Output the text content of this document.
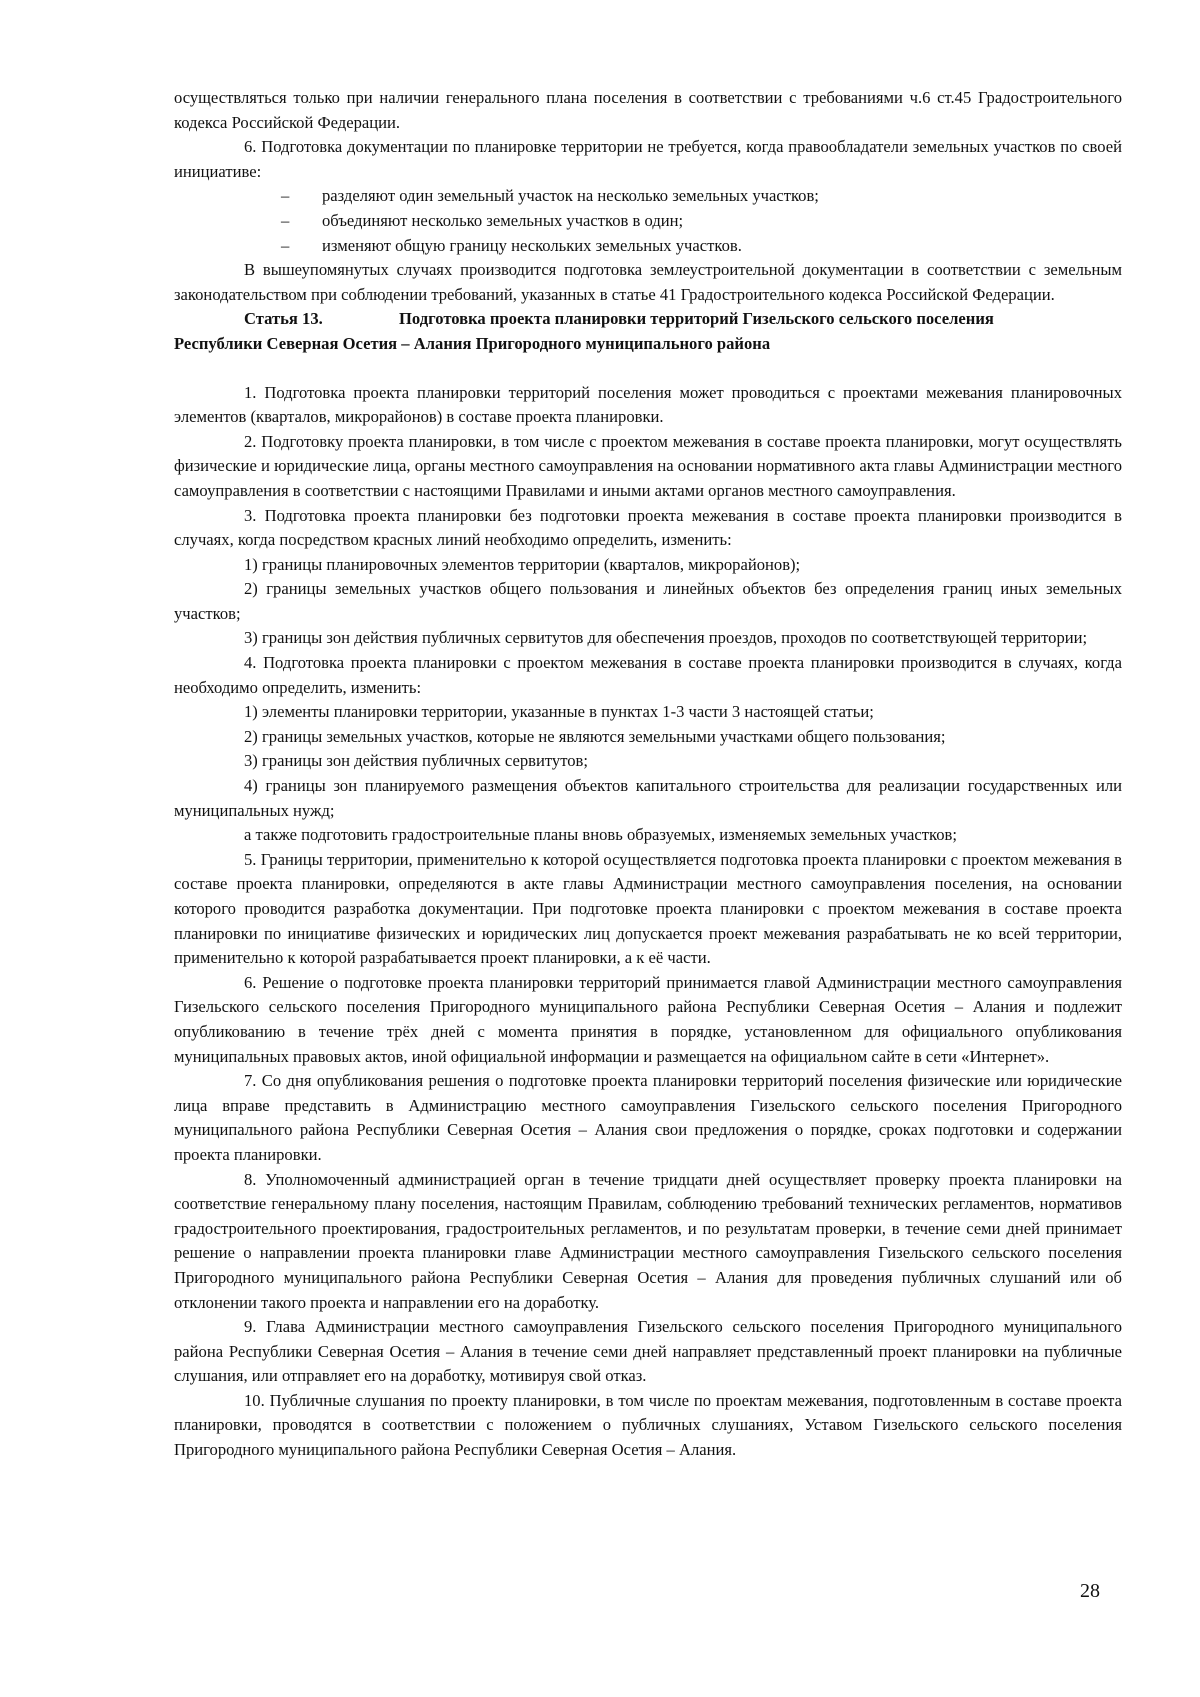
осуществляться только при наличии генерального плана поселения в соответствии с требованиями ч.6 ст.45 Градостроительного кодекса Российской Федерации.

6. Подготовка документации по планировке территории не требуется, когда правообладатели земельных участков по своей инициативе:

– разделяют один земельный участок на несколько земельных участков;
– объединяют несколько земельных участков в один;
– изменяют общую границу нескольких земельных участков.

В вышеупомянутых случаях производится подготовка землеустроительной документации в соответствии с земельным законодательством при соблюдении требований, указанных в статье 41 Градостроительного кодекса Российской Федерации.

Статья 13.	Подготовка проекта планировки территорий Гизельского сельского поселения

Республики Северная Осетия – Алания Пригородного муниципального района

1. Подготовка проекта планировки территорий поселения может проводиться с проектами межевания планировочных элементов (кварталов, микрорайонов) в составе проекта планировки.

2. Подготовку проекта планировки, в том числе с проектом межевания в составе проекта планировки, могут осуществлять физические и юридические лица, органы местного самоуправления на основании нормативного акта главы Администрации местного самоуправления в соответствии с настоящими Правилами и иными актами органов местного самоуправления.

3. Подготовка проекта планировки без подготовки проекта межевания в составе проекта планировки производится в случаях, когда посредством красных линий необходимо определить, изменить:

1) границы планировочных элементов территории (кварталов, микрорайонов);

2) границы земельных участков общего пользования и линейных объектов без определения границ иных земельных участков;

3) границы зон действия публичных сервитутов для обеспечения проездов, проходов по соответствующей территории;

4. Подготовка проекта планировки с проектом межевания в составе проекта планировки производится в случаях, когда необходимо определить, изменить:

1) элементы планировки территории, указанные в пунктах 1-3 части 3 настоящей статьи;

2) границы земельных участков, которые не являются земельными участками общего пользования;

3) границы зон действия публичных сервитутов;

4) границы зон планируемого размещения объектов капитального строительства для реализации государственных или муниципальных нужд;

а также подготовить градостроительные планы вновь образуемых, изменяемых земельных участков;

5. Границы территории, применительно к которой осуществляется подготовка проекта планировки с проектом межевания в составе проекта планировки, определяются в акте главы Администрации местного самоуправления поселения, на основании которого проводится разработка документации. При подготовке проекта планировки с проектом межевания в составе проекта планировки по инициативе физических и юридических лиц допускается проект межевания разрабатывать не ко всей территории, применительно к которой разрабатывается проект планировки, а к её части.

6. Решение о подготовке проекта планировки территорий принимается главой Администрации местного самоуправления Гизельского сельского поселения Пригородного муниципального района Республики Северная Осетия – Алания и подлежит опубликованию в течение трёх дней с момента принятия в порядке, установленном для официального опубликования муниципальных правовых актов, иной официальной информации и размещается на официальном сайте в сети «Интернет».

7. Со дня опубликования решения о подготовке проекта планировки территорий поселения физические или юридические лица вправе представить в Администрацию местного самоуправления Гизельского сельского поселения Пригородного муниципального района Республики Северная Осетия – Алания свои предложения о порядке, сроках подготовки и содержании проекта планировки.

8. Уполномоченный администрацией орган в течение тридцати дней осуществляет проверку проекта планировки на соответствие генеральному плану поселения, настоящим Правилам, соблюдению требований технических регламентов, нормативов градостроительного проектирования, градостроительных регламентов, и по результатам проверки, в течение семи дней принимает решение о направлении проекта планировки главе Администрации местного самоуправления Гизельского сельского поселения Пригородного муниципального района Республики Северная Осетия – Алания для проведения публичных слушаний или об отклонении такого проекта и направлении его на доработку.

9. Глава Администрации местного самоуправления Гизельского сельского поселения Пригородного муниципального района Республики Северная Осетия – Алания в течение семи дней направляет представленный проект планировки на публичные слушания, или отправляет его на доработку, мотивируя свой отказ.

10. Публичные слушания по проекту планировки, в том числе по проектам межевания, подготовленным в составе проекта планировки, проводятся в соответствии с положением о публичных слушаниях, Уставом Гизельского сельского поселения Пригородного муниципального района Республики Северная Осетия – Алания.

28
